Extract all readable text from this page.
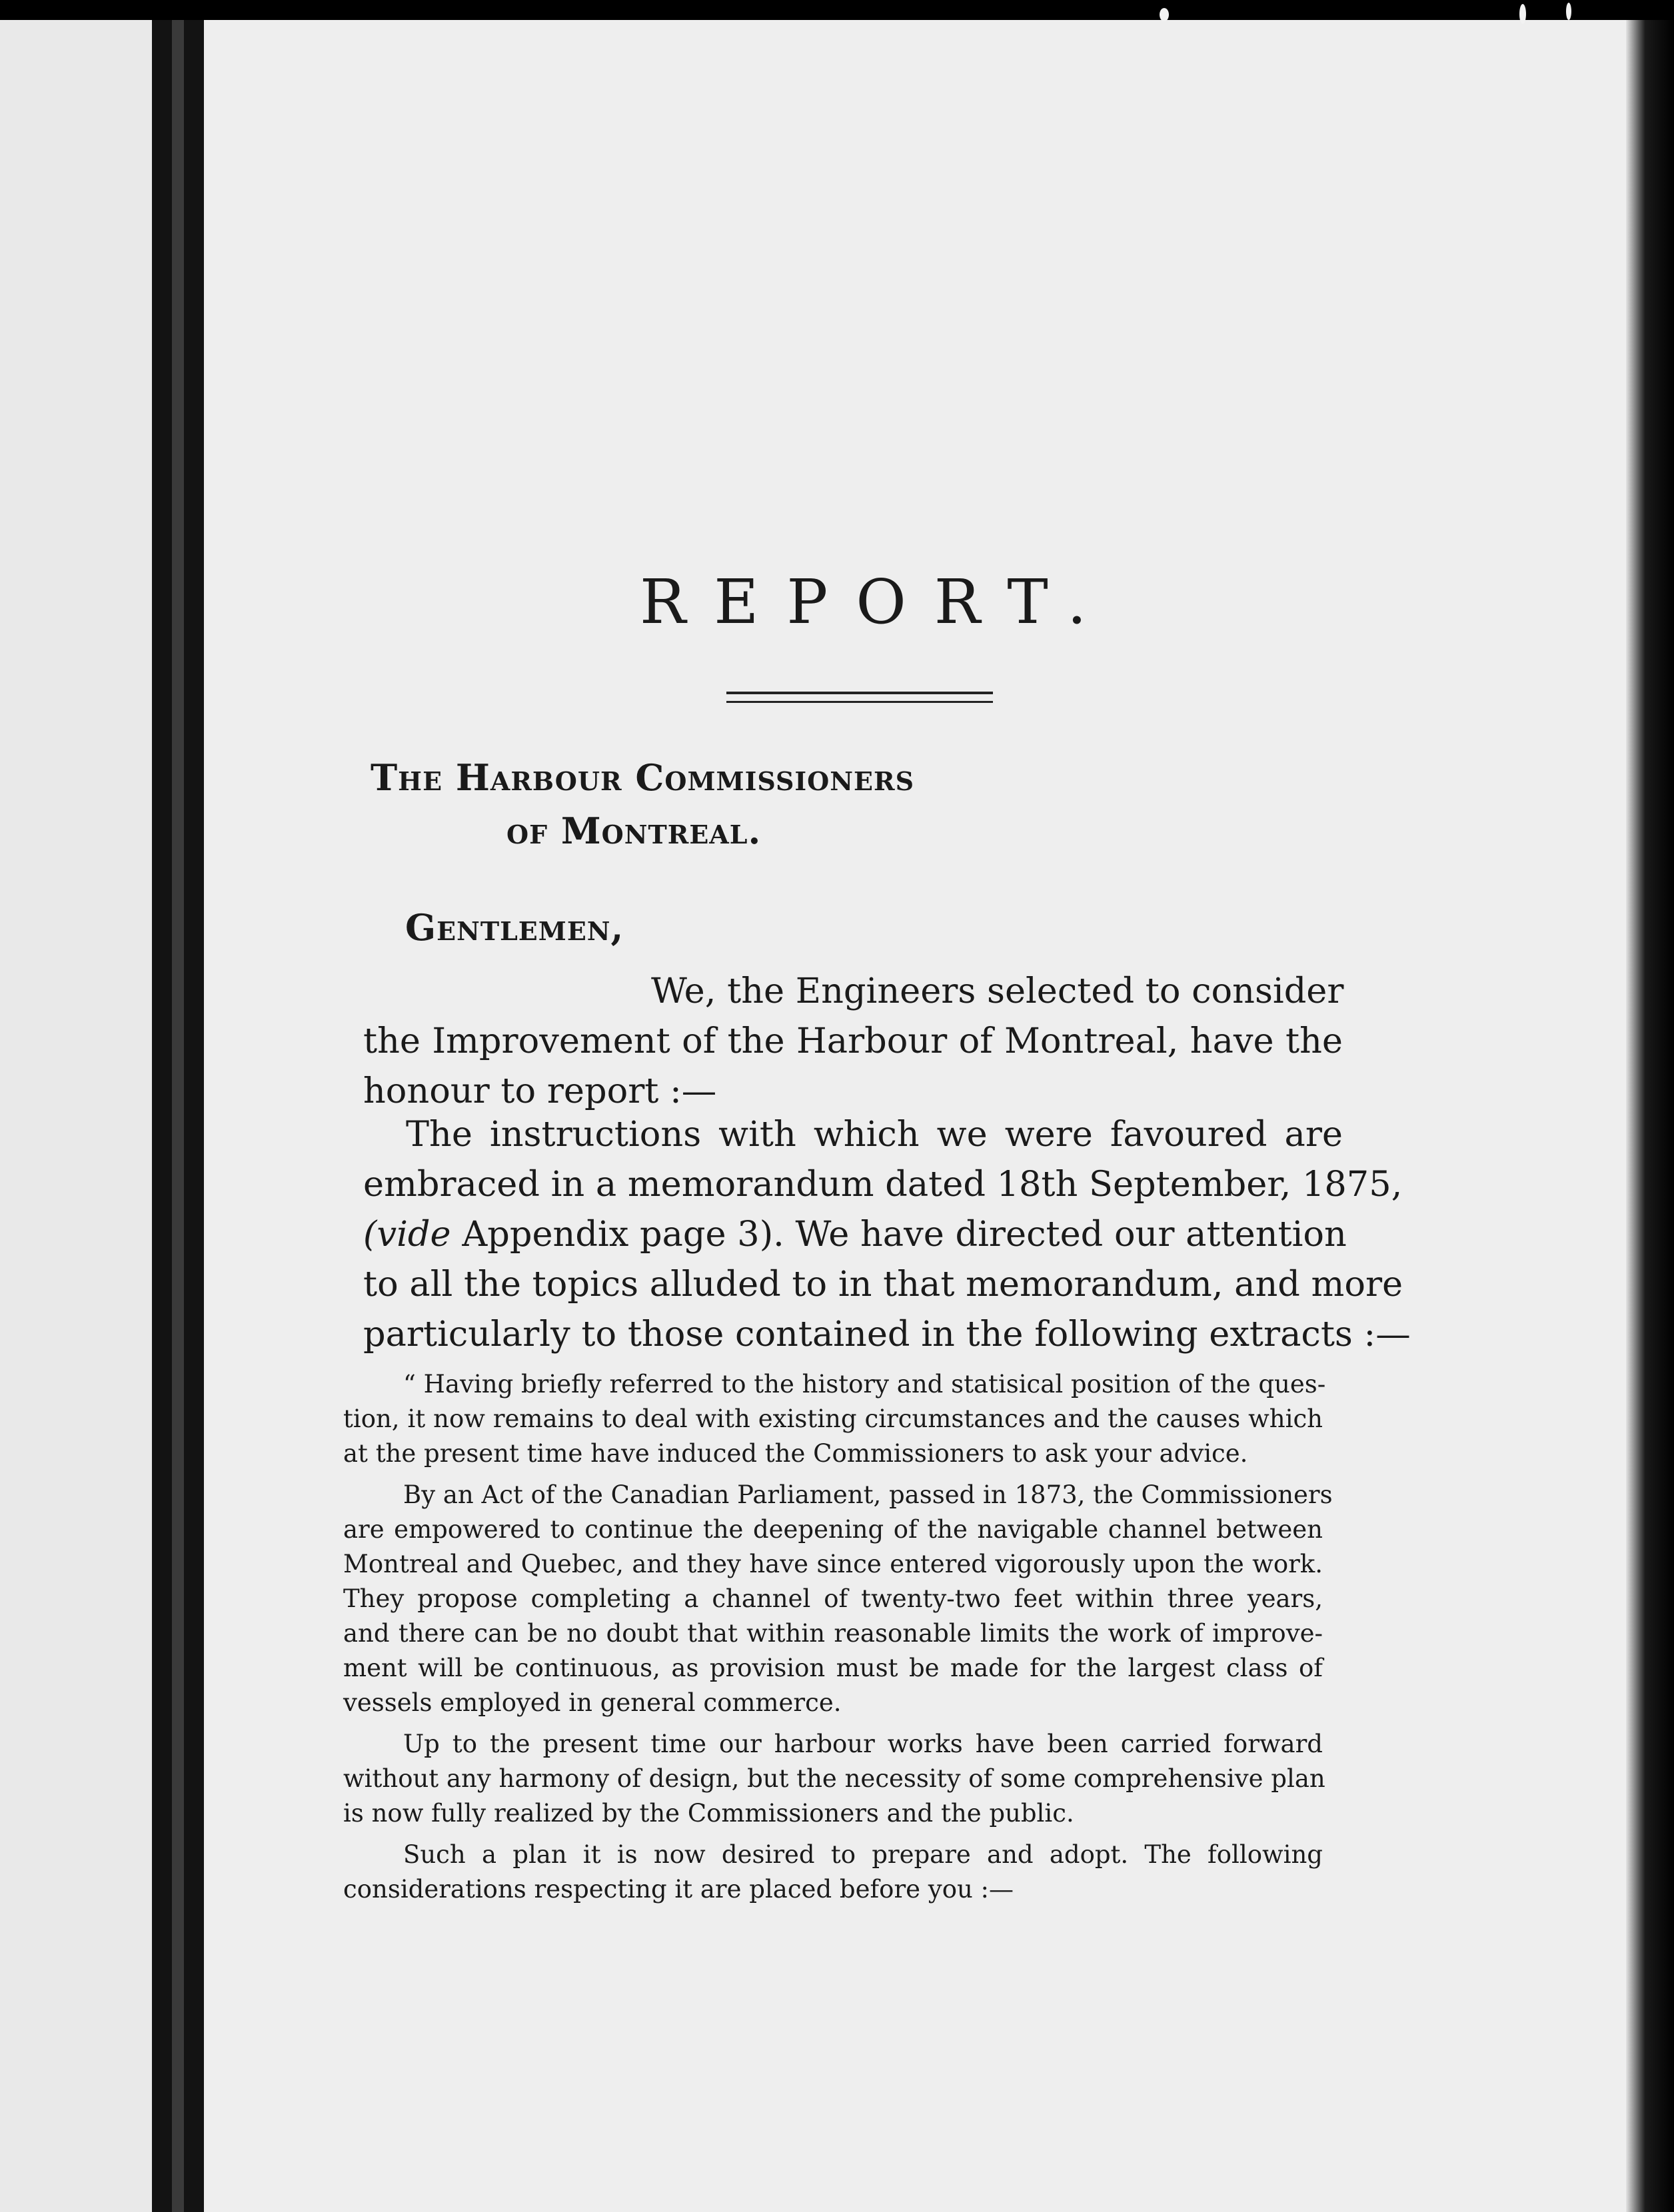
REPORT.
The Harbour Commissioners
of Montreal.
Gentlemen,
We, the Engineers selected to consider
the Improvement of the Harbour of Montreal, have the
honour to report :—
The instructions with which we were favoured are
embraced in a memorandum dated 18th September, 1875,
(vide Appendix page 3). We have directed our attention
to all the topics alluded to in that memorandum, and more
particularly to those contained in the following extracts :—
“ Having briefly referred to the history and statisical position of the ques-
tion, it now remains to deal with existing circumstances and the causes which
at the present time have induced the Commissioners to ask your advice.
By an Act of the Canadian Parliament, passed in 1873, the Commissioners
are empowered to continue the deepening of the navigable channel between
Montreal and Quebec, and they have since entered vigorously upon the work.
They propose completing a channel of twenty-two feet within three years,
and there can be no doubt that within reasonable limits the work of improve-
ment will be continuous, as provision must be made for the largest class of
vessels employed in general commerce.
Up to the present time our harbour works have been carried forward
without any harmony of design, but the necessity of some comprehensive plan
is now fully realized by the Commissioners and the public.
Such a plan it is now desired to prepare and adopt. The following
considerations respecting it are placed before you :—
